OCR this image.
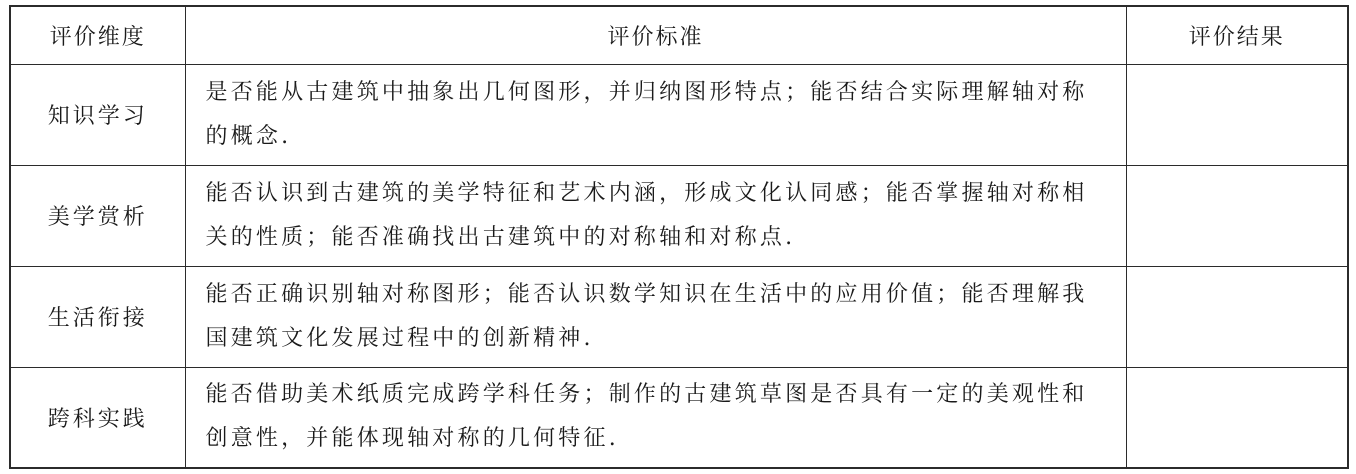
评价维度	评价标准	评价结果
知识学习	是否能从古建筑中抽象出几何图形，并归纳图形特点；能否结合实际理解轴对称的概念.	
美学赏析	能否认识到古建筑的美学特征和艺术内涵，形成文化认同感；能否掌握轴对称相关的性质；能否准确找出古建筑中的对称轴和对称点.	
生活衔接	能否正确识别轴对称图形；能否认识数学知识在生活中的应用价值；能否理解我国建筑文化发展过程中的创新精神.	
跨科实践	能否借助美术纸质完成跨学科任务；制作的古建筑草图是否具有一定的美观性和创意性，并能体现轴对称的几何特征.	
